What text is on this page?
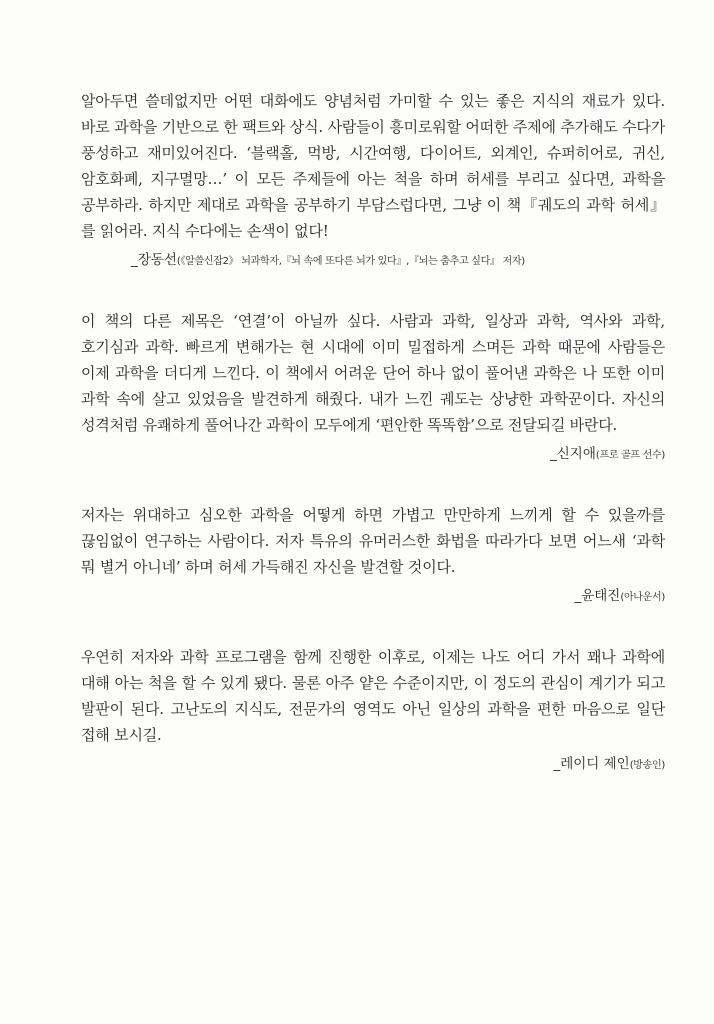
알아두면 쓸데없지만 어떤 대화에도 양념처럼 가미할 수 있는 좋은 지식의 재료가 있다. 바로 과학을 기반으로 한 팩트와 상식. 사람들이 흥미로워할 어떠한 주제에 추가해도 수다가 풍성하고 재미있어진다. ‘블랙홀, 먹방, 시간여행, 다이어트, 외계인, 슈퍼히어로, 귀신, 암호화폐, 지구멸망…’ 이 모든 주제들에 아는 척을 하며 허세를 부리고 싶다면, 과학을 공부하라. 하지만 제대로 과학을 공부하기 부담스럽다면, 그냥 이 책『궤도의 과학 허세』를 읽어라. 지식 수다에는 손색이 없다!

_장동선(《알쓸신잡2》 뇌과학자,『뇌 속에 또다른 뇌가 있다』,『뇌는 춤추고 싶다』 저자)

이 책의 다른 제목은 ‘연결’이 아닐까 싶다. 사람과 과학, 일상과 과학, 역사와 과학, 호기심과 과학. 빠르게 변해가는 현 시대에 이미 밀접하게 스며든 과학 때문에 사람들은 이제 과학을 더디게 느낀다. 이 책에서 어려운 단어 하나 없이 풀어낸 과학은 나 또한 이미 과학 속에 살고 있었음을 발견하게 해줬다. 내가 느낀 궤도는 상냥한 과학꾼이다. 자신의 성격처럼 유쾌하게 풀어나간 과학이 모두에게 ‘편안한 똑똑함’으로 전달되길 바란다.

_신지애(프로 골프 선수)

저자는 위대하고 심오한 과학을 어떻게 하면 가볍고 만만하게 느끼게 할 수 있을까를 끊임없이 연구하는 사람이다. 저자 특유의 유머러스한 화법을 따라가다 보면 어느새 ‘과학 뭐 별거 아니네’ 하며 허세 가득해진 자신을 발견할 것이다.

_윤태진(아나운서)

우연히 저자와 과학 프로그램을 함께 진행한 이후로, 이제는 나도 어디 가서 꽤나 과학에 대해 아는 척을 할 수 있게 됐다. 물론 아주 얕은 수준이지만, 이 정도의 관심이 계기가 되고 발판이 된다. 고난도의 지식도, 전문가의 영역도 아닌 일상의 과학을 편한 마음으로 일단 접해 보시길.

_레이디 제인(방송인)
